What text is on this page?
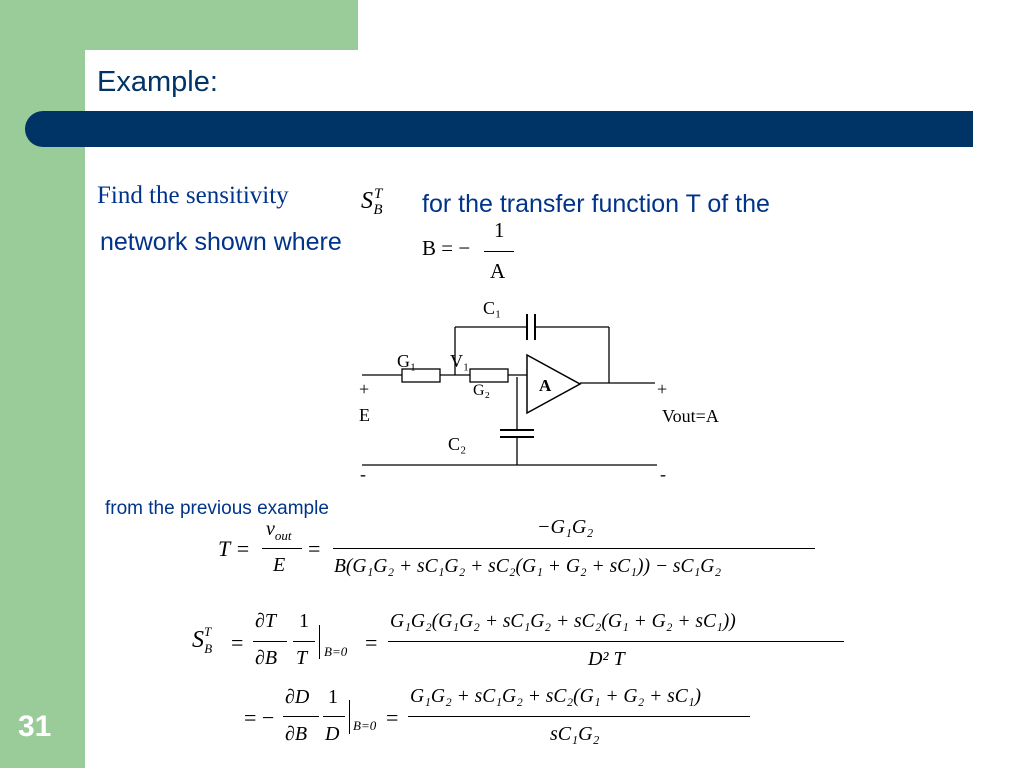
Example:
Find the sensitivity	$S^T_B$	for the transfer function T of the
network shown where	B = −
1
A
C₁
G₁ V₁
G₂	A
C₂
+
E
+
Vout=A
-	-
from the previous example
T =
$v_{out}$
E
=
−G₁G₂
B(G₁G₂ + sC₁G₂ + sC₂(G₁ + G₂ + sC₁)) − sC₁G₂
$S^T_B$ =
∂T
∂B
1
T B=0 =
G₁G₂(G₁G₂ + sC₁G₂ + sC₂(G₁ + G₂ + sC₁))
D² T
= −
∂D
∂B
1
D B=0 =
G₁G₂ + sC₁G₂ + sC₂(G₁ + G₂ + sC₁)
sC₁G₂
31
